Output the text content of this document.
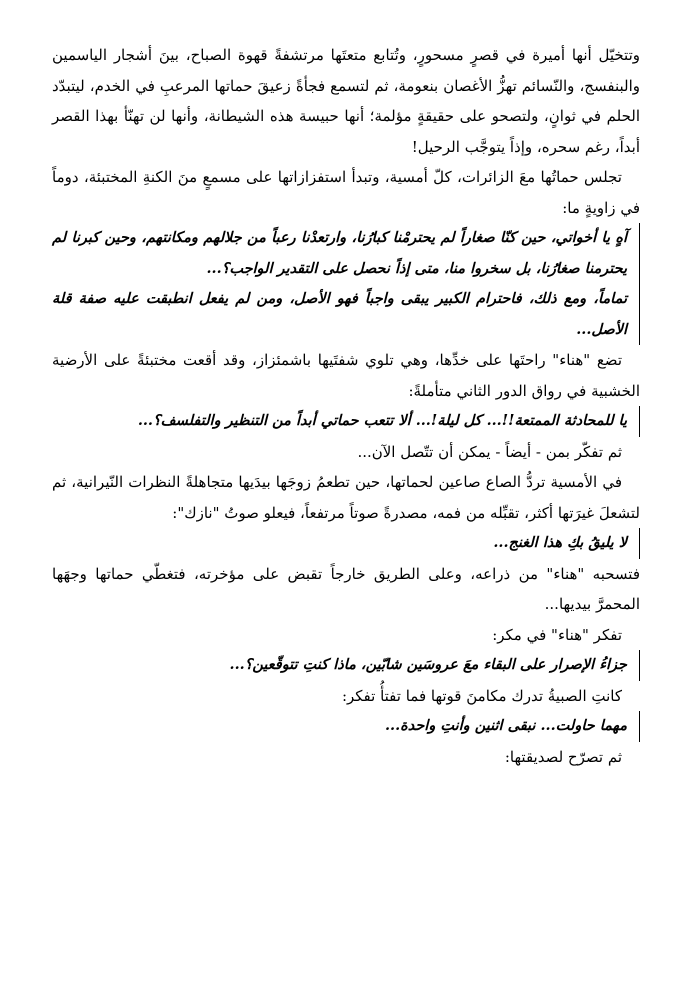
وتتخيّل أنها أميرة في قصرٍ مسحورٍ، وتُتابع متعتَها مرتشفةً قهوة الصباح، بينَ أشجار الياسمين والبنفسج، والنّسائم تهزُّ الأغصان بنعومة، ثم لتسمع فجأةً زعيقَ حماتها المرعبِ في الخدم، ليتبدّد الحلم في ثوانٍ، ولتصحو على حقيقةٍ مؤلمة؛ أنها حبيسة هذه الشيطانة، وأنها لن تهنّأ بهذا القصر أبداً، رغم سحره، وإذاً يتوجَّب الرحيل!

تجلس حماتُها معَ الزائرات، كلّ أمسية، وتبدأ استفزازاتها على مسمعٍ منَ الكنةِ المختبئة، دوماً في زاويةٍ ما:

آهٍ يا أخواتي، حين كنّا صغاراً لم يحترمْنا كبارُنا، وارتعدْنا رعباً من جلالهم ومكانتهم، وحين كبرنا لم يحترمنا صغارُنا، بل سخروا منا، متى إذاً نحصل على التقدير الواجب؟...

تماماً، ومع ذلك، فاحترام الكبير يبقى واجباً فهو الأصل، ومن لم يفعل انطبقت عليه صفة قلة الأصل...

تضع "هناء" راحتَها على خدِّها، وهي تلوي شفتَيها باشمئزاز، وقد أقعت مختبئةً على الأرضية الخشبية في رواق الدور الثاني متأملةً:

يا للمحادثة الممتعة!!... كل ليلة!... ألا تتعب حماتي أبداً من التنظير والتفلسف؟...

ثم تفكّر بمن - أيضاً - يمكن أن تتّصل الآن...

في الأمسية تردُّ الصاع صاعين لحماتها، حين تطعمُ زوجَها بيدَيها متجاهلةً النظرات النّيرانية، ثم لتشعلَ غيرَتها أكثر، تقبِّله من فمه، مصدرةً صوتاً مرتفعاً، فيعلو صوتُ "نازك":

لا يليقُ بكِ هذا الغنج...

فتسحبه "هناء" من ذراعه، وعلى الطريق خارجاً تقبض على مؤخرته، فتغطّي حماتها وجهَها المحمرَّ بيديها...

تفكر "هناء" في مكر:

جزاءُ الإصرار على البقاء معَ عروسَين شابّين، ماذا كنتِ تتوقّعين؟...

كانتِ الصبيةُ تدرك مكامنَ قوتها فما تفتأُ تفكر:

مهما حاولت... نبقى اثنين وأنتِ واحدة...

ثم تصرّح لصديقتها:
